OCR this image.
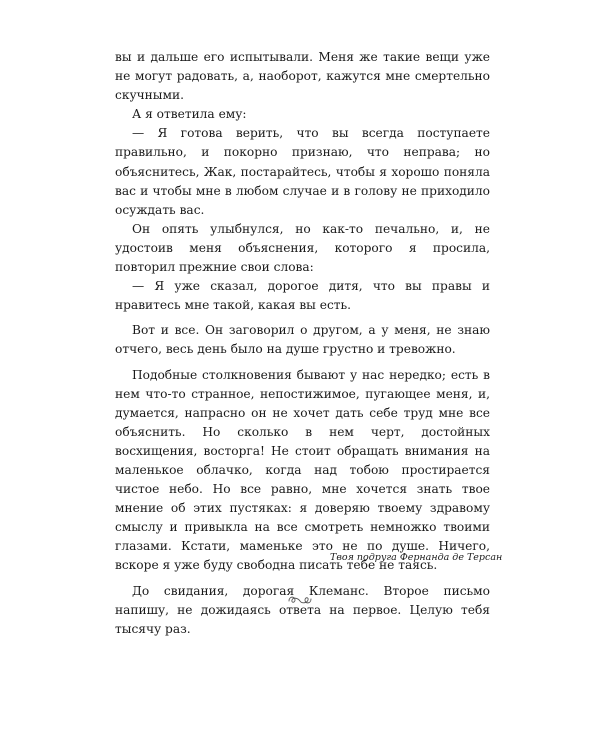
вы и дальше его испытывали. Меня же такие вещи уже не могут радовать, а, наоборот, кажутся мне смертельно скучными.

А я ответила ему:

— Я готова верить, что вы всегда поступаете правильно, и покорно признаю, что неправа; но объяснитесь, Жак, постарайтесь, чтобы я хорошо поняла вас и чтобы мне в любом случае и в голову не приходило осуждать вас.

Он опять улыбнулся, но как-то печально, и, не удостоив меня объяснения, которого я просила, повторил прежние свои слова:

— Я уже сказал, дорогое дитя, что вы правы и нравитесь мне такой, какая вы есть.

Вот и все. Он заговорил о другом, а у меня, не знаю отчего, весь день было на душе грустно и тревожно.

Подобные столкновения бывают у нас нередко; есть в нем что-то странное, непостижимое, пугающее меня, и, думается, напрасно он не хочет дать себе труд мне все объяснить. Но сколько в нем черт, достойных восхищения, восторга! Не стоит обращать внимания на маленькое облачко, когда над тобою простирается чистое небо. Но все равно, мне хочется знать твое мнение об этих пустяках: я доверяю твоему здравому смыслу и привыкла на все смотреть немножко твоими глазами. Кстати, маменьке это не по душе. Ничего, вскоре я уже буду свободна писать тебе не таясь.

До свидания, дорогая Клеманс. Второе письмо напишу, не дожидаясь ответа на первое. Целую тебя тысячу раз.

Твоя подруга Фернанда де Терсан
